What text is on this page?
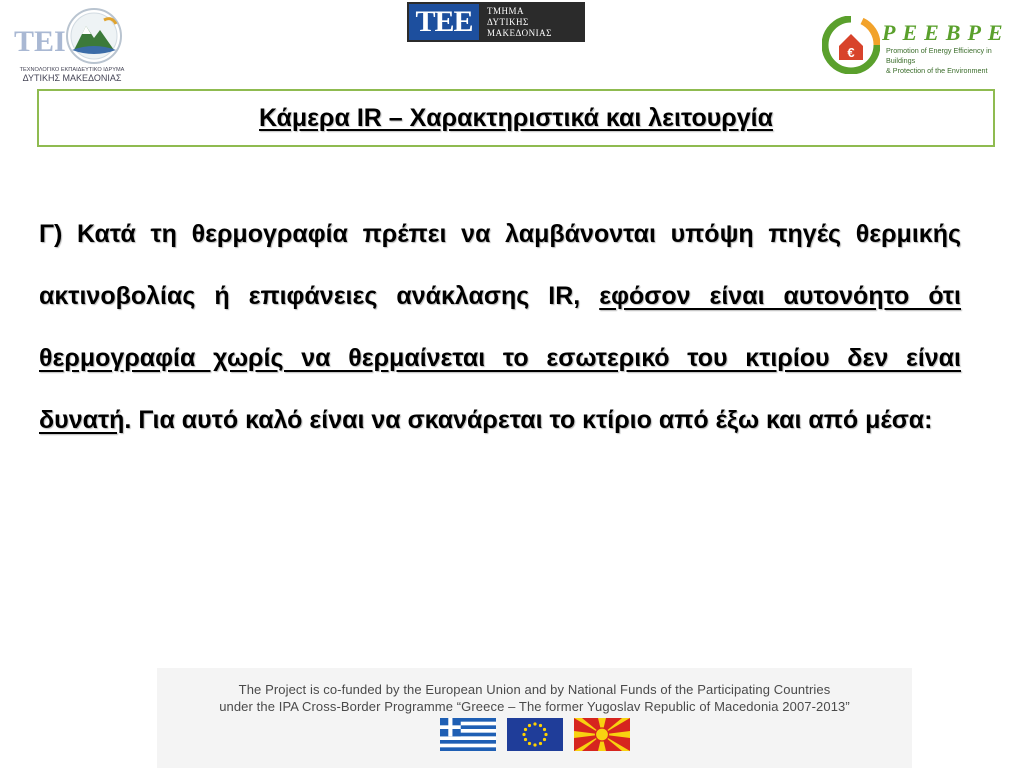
TEI
ΤΕΧΝΟΛΟΓΙΚΟ ΕΚΠΑΙΔΕΥΤΙΚΟ ΙΔΡΥΜΑ
ΔΥΤΙΚΗΣ ΜΑΚΕΔΟΝΙΑΣ
TEE	ΤΜΗΜΑ
ΔΥΤΙΚΗΣ
ΜΑΚΕΔΟΝΙΑΣ
€
PEEBPE
Promotion of Energy Efficiency in Buildings
& Protection of the Environment
Κάμερα IR – Χαρακτηριστικά και λειτουργία
Γ) Κατά τη θερμογραφία πρέπει να λαμβάνονται υπόψη πηγές θερμικής ακτινοβολίας ή επιφάνειες ανάκλασης IR, εφόσον είναι αυτονόητο ότι θερμογραφία χωρίς να θερμαίνεται το εσωτερικό του κτιρίου δεν είναι δυνατή. Για αυτό καλό είναι να σκανάρεται το κτίριο από έξω και από μέσα:
The Project is co-funded by the European Union and by National Funds of the Participating Countries
under the IPA Cross-Border Programme “Greece – The former Yugoslav Republic of Macedonia 2007-2013”
